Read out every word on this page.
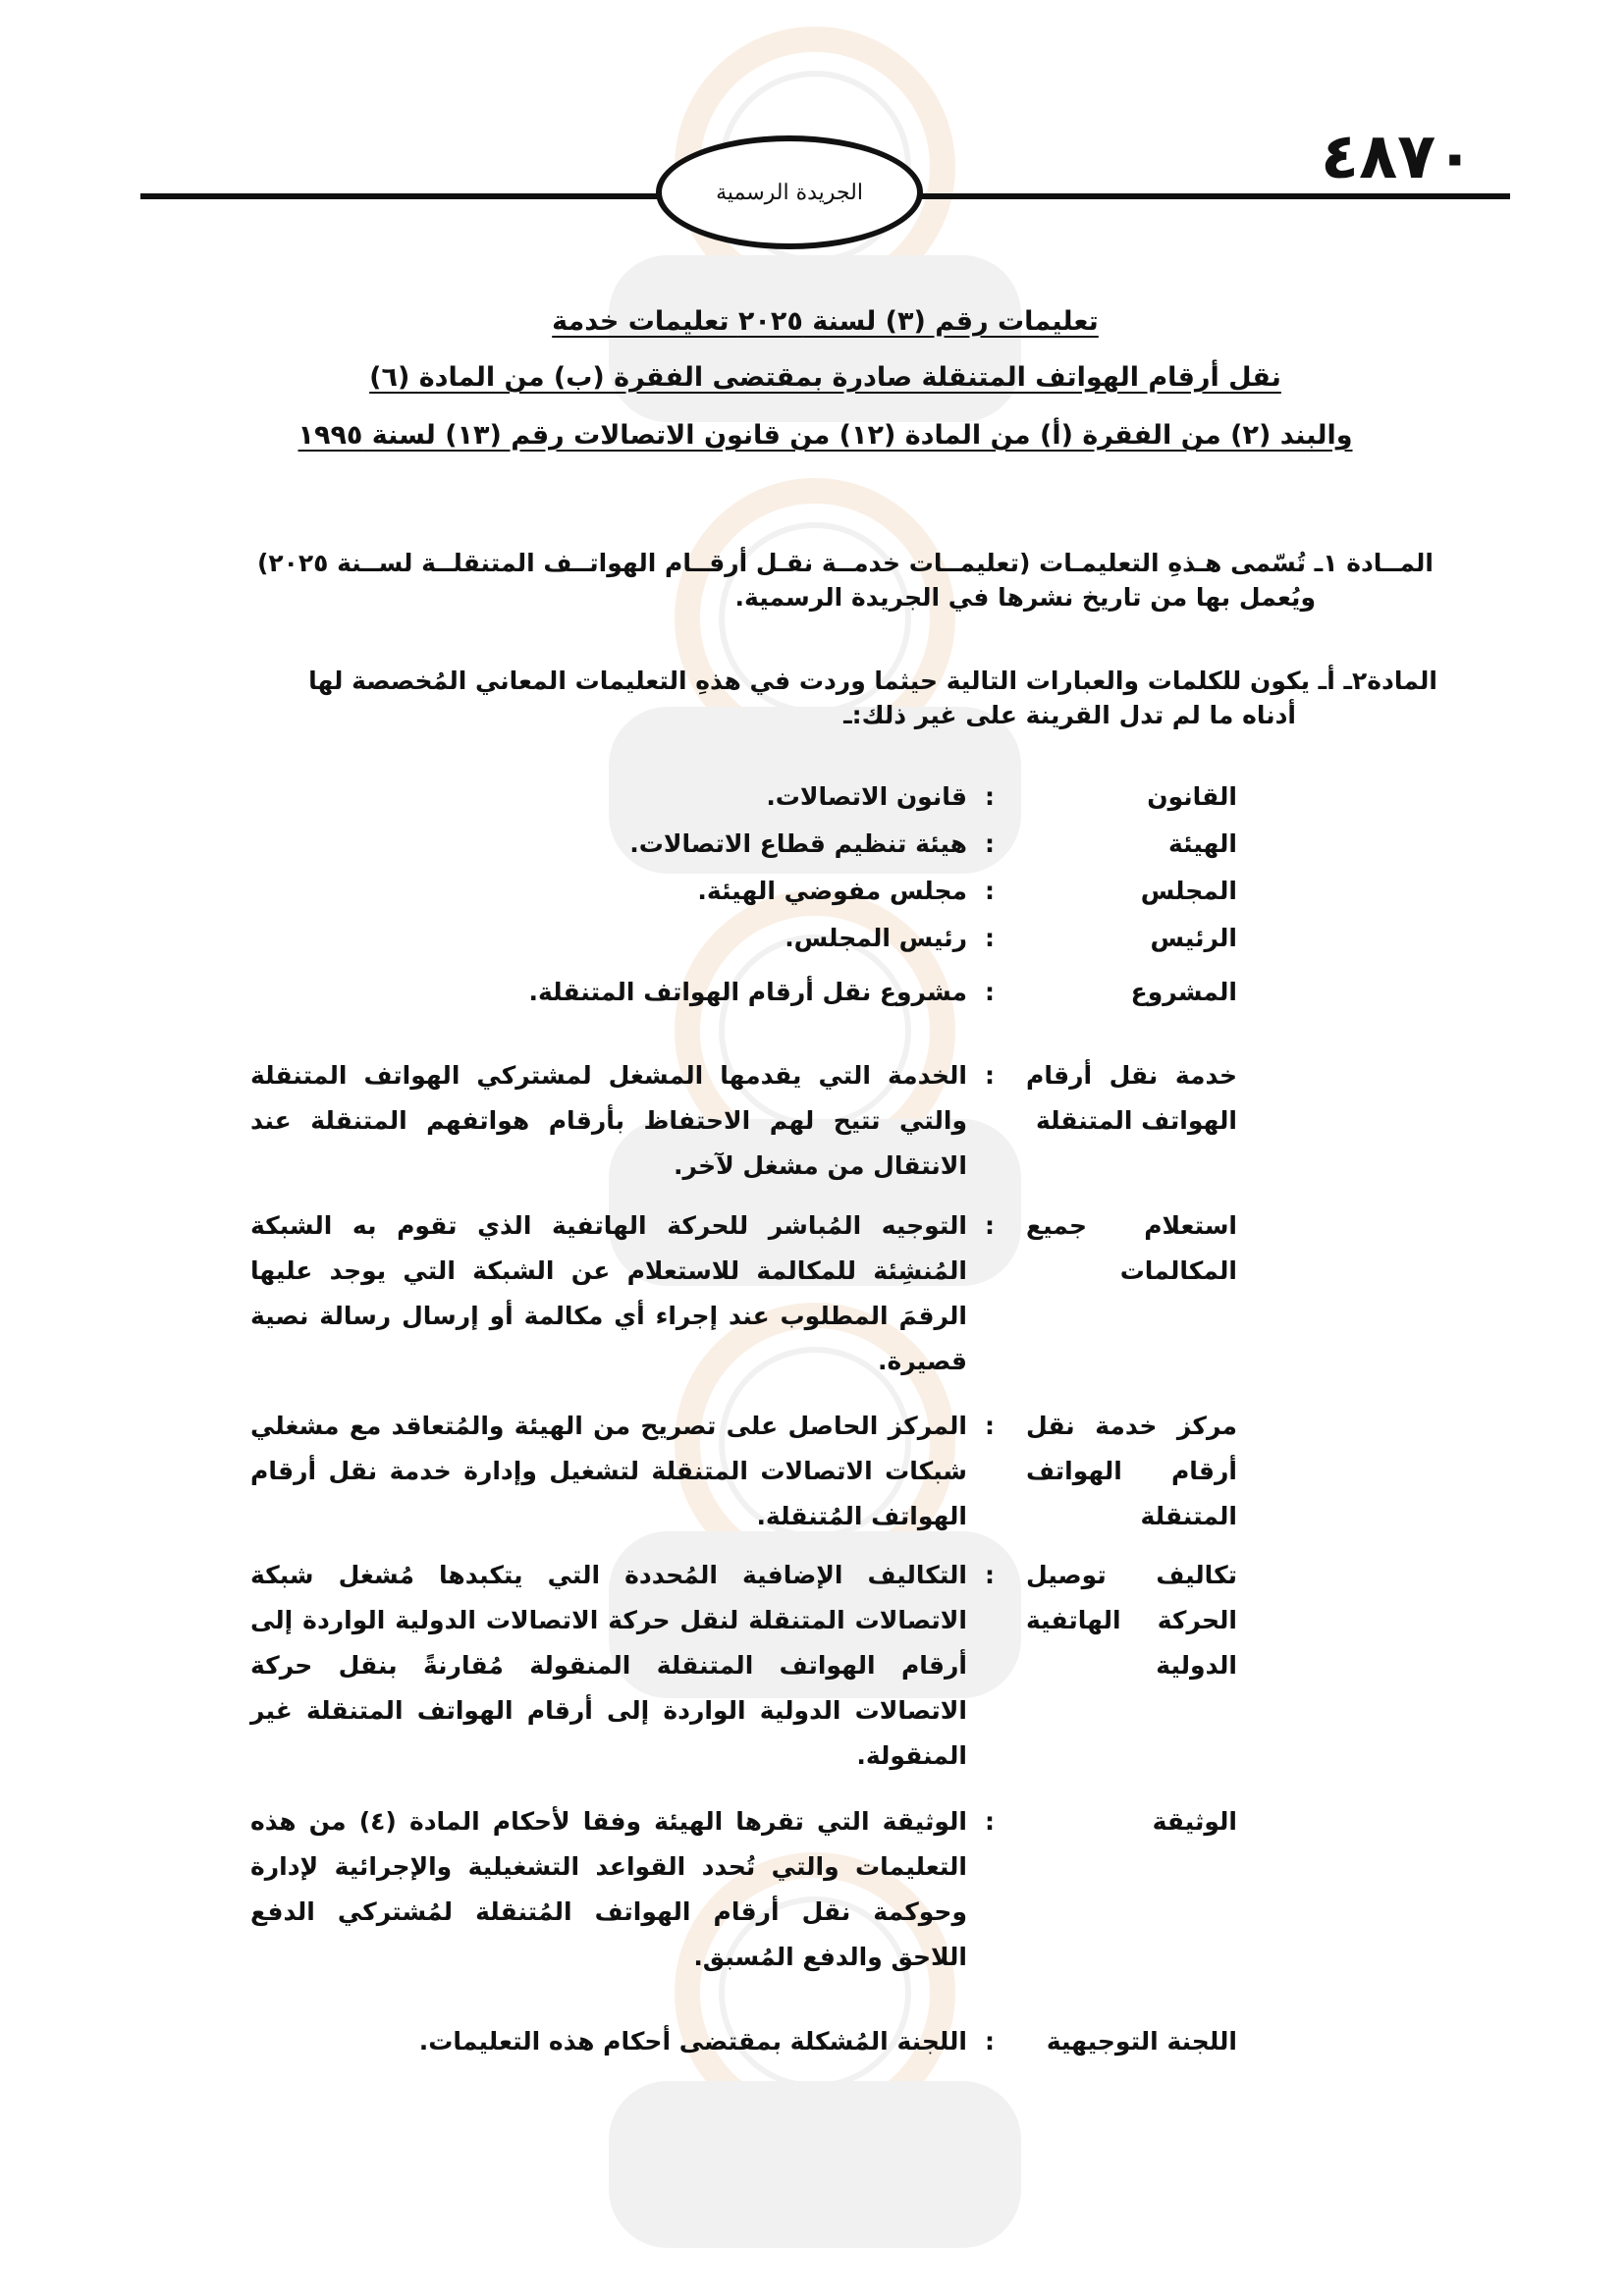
٤٨٧٠
الجريدة الرسمية
تعليمات رقم (٣) لسنة ٢٠٢٥ تعليمات خدمة
نقل أرقام الهواتف المتنقلة صادرة بمقتضى الفقرة (ب) من المادة (٦)
والبند (٢) من الفقرة (أ) من المادة (١٢) من قانون الاتصالات رقم (١٣) لسنة ١٩٩٥
المــادة ١ـ تُسّمى هـذهِ التعليمـات (تعليمــات خدمــة نقـل أرقــام الهواتــف المتنقلــة لســنة ٢٠٢٥)
ويُعمل بها من تاريخ نشرها في الجريدة الرسمية.
المادة٢ـ أـ يكون للكلمات والعبارات التالية حيثما وردت في هذهِ التعليمات المعاني المُخصصة لها
أدناه ما لم تدل القرينة على غير ذلك:ـ
القانون
:
قانون الاتصالات.
الهيئة
:
هيئة تنظيم قطاع الاتصالات.
المجلس
:
مجلس مفوضي الهيئة.
الرئيس
:
رئيس المجلس.
المشروع
:
مشروع نقل أرقام الهواتف المتنقلة.
خدمة نقل أرقام الهواتف المتنقلة
:
الخدمة التي يقدمها المشغل لمشتركي الهواتف المتنقلة والتي تتيح لهم الاحتفاظ بأرقام هواتفهم المتنقلة عند الانتقال من مشغل لآخر.
استعلام جميع المكالمات
:
التوجيه المُباشر للحركة الهاتفية الذي تقوم به الشبكة المُنشِئة للمكالمة للاستعلام عن الشبكة التي يوجد عليها الرقمَ المطلوب عند إجراء أي مكالمة أو إرسال رسالة نصية قصيرة.
مركز خدمة نقل أرقام الهواتف المتنقلة
:
المركز الحاصل على تصريح من الهيئة والمُتعاقد مع مشغلي شبكات الاتصالات المتنقلة لتشغيل وإدارة خدمة نقل أرقام الهواتف المُتنقلة.
تكاليف توصيل الحركة الهاتفية الدولية
:
التكاليف الإضافية المُحددة التي يتكبدها مُشغل شبكة الاتصالات المتنقلة لنقل حركة الاتصالات الدولية الواردة إلى أرقام الهواتف المتنقلة المنقولة مُقارنةً بنقل حركة الاتصالات الدولية الواردة إلى أرقام الهواتف المتنقلة غير المنقولة.
الوثيقة
:
الوثيقة التي تقرها الهيئة وفقا لأحكام المادة (٤) من هذه التعليمات والتي تُحدد القواعد التشغيلية والإجرائية لإدارة وحوكمة نقل أرقام الهواتف المُتنقلة لمُشتركي الدفع اللاحق والدفع المُسبق.
اللجنة التوجيهية
:
اللجنة المُشكلة بمقتضى أحكام هذه التعليمات.
